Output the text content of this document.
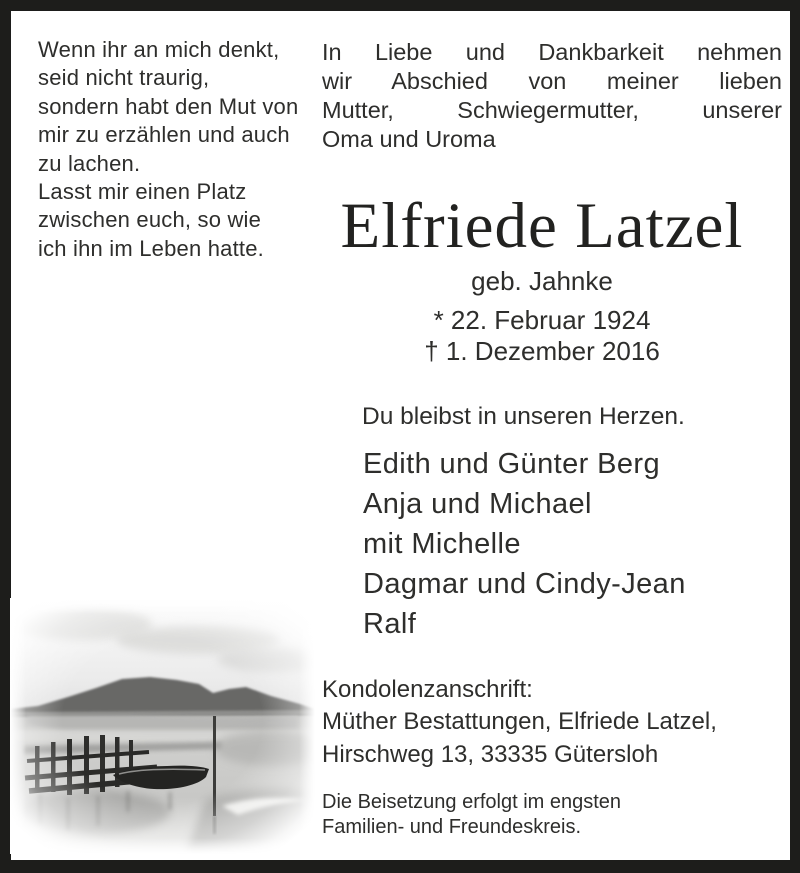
Wenn ihr an mich denkt,
seid nicht traurig,
sondern habt den Mut von
mir zu erzählen und auch
zu lachen.
Lasst mir einen Platz
zwischen euch, so wie
ich ihn im Leben hatte.
In Liebe und Dankbarkeit nehmen
wir Abschied von meiner lieben
Mutter, Schwiegermutter, unserer
Oma und Uroma
Elfriede Latzel
geb. Jahnke
* 22. Februar 1924
† 1. Dezember 2016
Du bleibst in unseren Herzen.
Edith und Günter Berg
Anja und Michael
mit Michelle
Dagmar und Cindy-Jean
Ralf
Kondolenzanschrift:
Müther Bestattungen, Elfriede Latzel,
Hirschweg 13, 33335 Gütersloh
Die Beisetzung erfolgt im engsten
Familien- und Freundeskreis.
